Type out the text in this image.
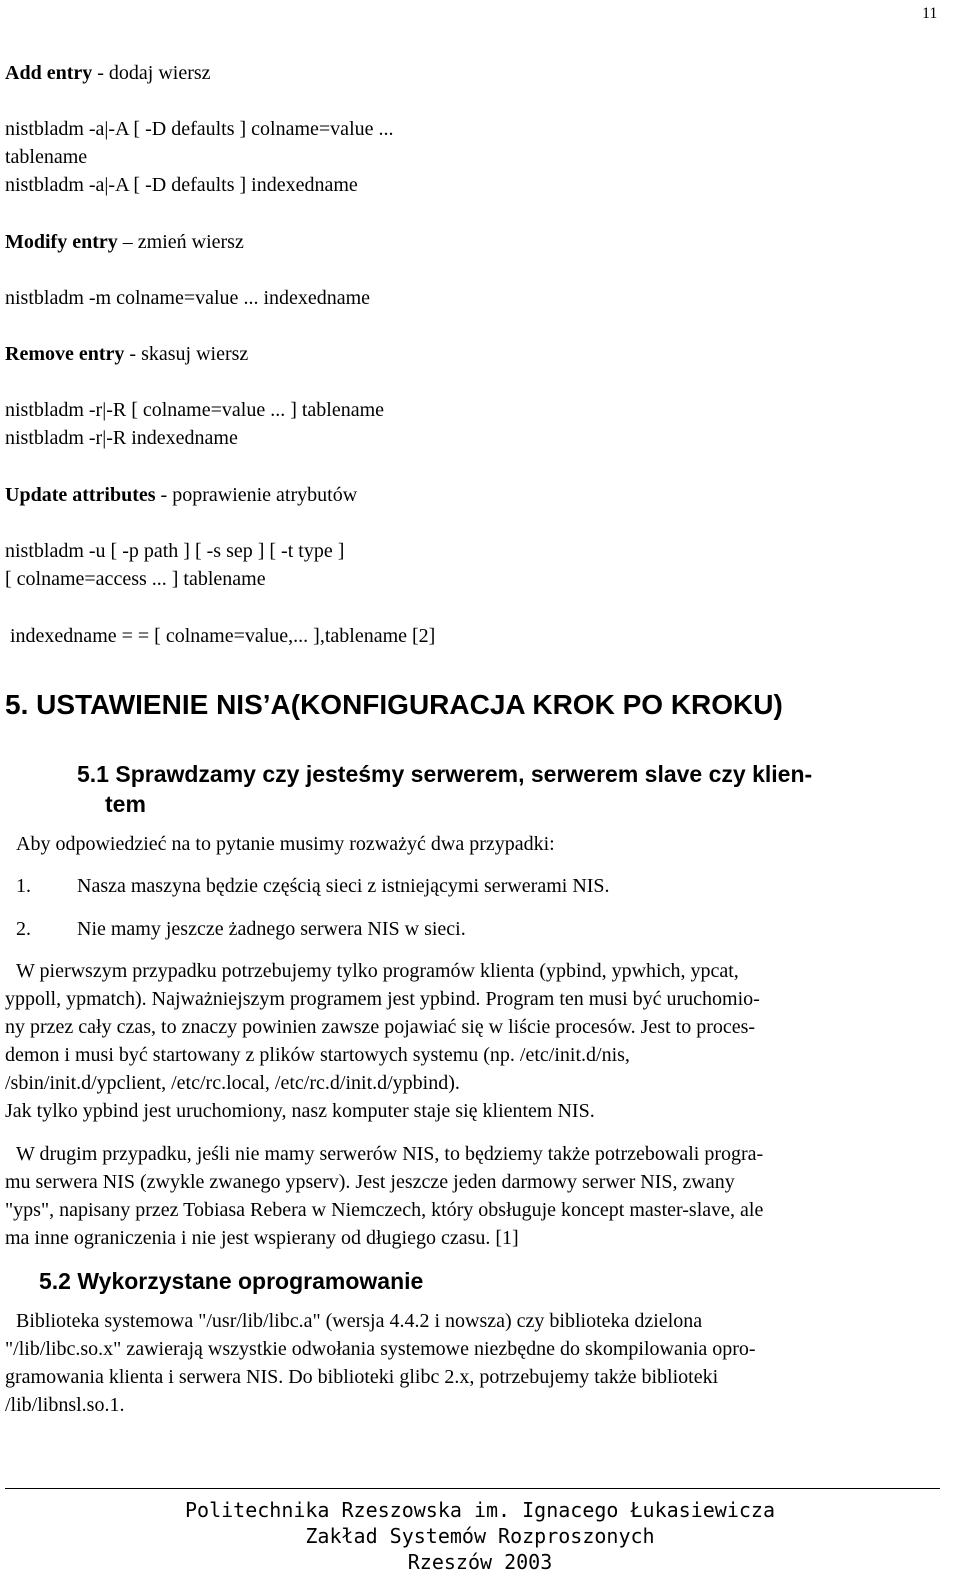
11
Add entry - dodaj wiersz
nistbladm -a|-A [ -D defaults ] colname=value ...
tablename
nistbladm -a|-A [ -D defaults ] indexedname
Modify entry – zmień wiersz
nistbladm -m colname=value ... indexedname
Remove entry - skasuj wiersz
nistbladm -r|-R [ colname=value ... ] tablename
nistbladm -r|-R indexedname
Update attributes - poprawienie atrybutów
nistbladm -u [ -p path ] [ -s sep ] [ -t type ]
[ colname=access ... ] tablename
indexedname = = [ colname=value,... ],tablename [2]
5. USTAWIENIE NIS’A(KONFIGURACJA KROK PO KROKU)
5.1 Sprawdzamy czy jesteśmy serwerem, serwerem slave czy klien-
tem
Aby odpowiedzieć na to pytanie musimy rozważyć dwa przypadki:
1. Nasza maszyna będzie częścią sieci z istniejącymi serwerami NIS.
2. Nie mamy jeszcze żadnego serwera NIS w sieci.
W pierwszym przypadku potrzebujemy tylko programów klienta (ypbind, ypwhich, ypcat,
yppoll, ypmatch). Najważniejszym programem jest ypbind. Program ten musi być uruchomio-
ny przez cały czas, to znaczy powinien zawsze pojawiać się w liście procesów. Jest to proces-
demon i musi być startowany z plików startowych systemu (np. /etc/init.d/nis,
/sbin/init.d/ypclient, /etc/rc.local, /etc/rc.d/init.d/ypbind).
Jak tylko ypbind jest uruchomiony, nasz komputer staje się klientem NIS.
W drugim przypadku, jeśli nie mamy serwerów NIS, to będziemy także potrzebowali progra-
mu serwera NIS (zwykle zwanego ypserv). Jest jeszcze jeden darmowy serwer NIS, zwany
"yps", napisany przez Tobiasa Rebera w Niemczech, który obsługuje koncept master-slave, ale
ma inne ograniczenia i nie jest wspierany od długiego czasu. [1]
5.2 Wykorzystane oprogramowanie
Biblioteka systemowa "/usr/lib/libc.a" (wersja 4.4.2 i nowsza) czy biblioteka dzielona
"/lib/libc.so.x" zawierają wszystkie odwołania systemowe niezbędne do skompilowania opro-
gramowania klienta i serwera NIS. Do biblioteki glibc 2.x, potrzebujemy także biblioteki
/lib/libnsl.so.1.
Politechnika Rzeszowska im. Ignacego Łukasiewicza
Zakład Systemów Rozproszonych
Rzeszów 2003
